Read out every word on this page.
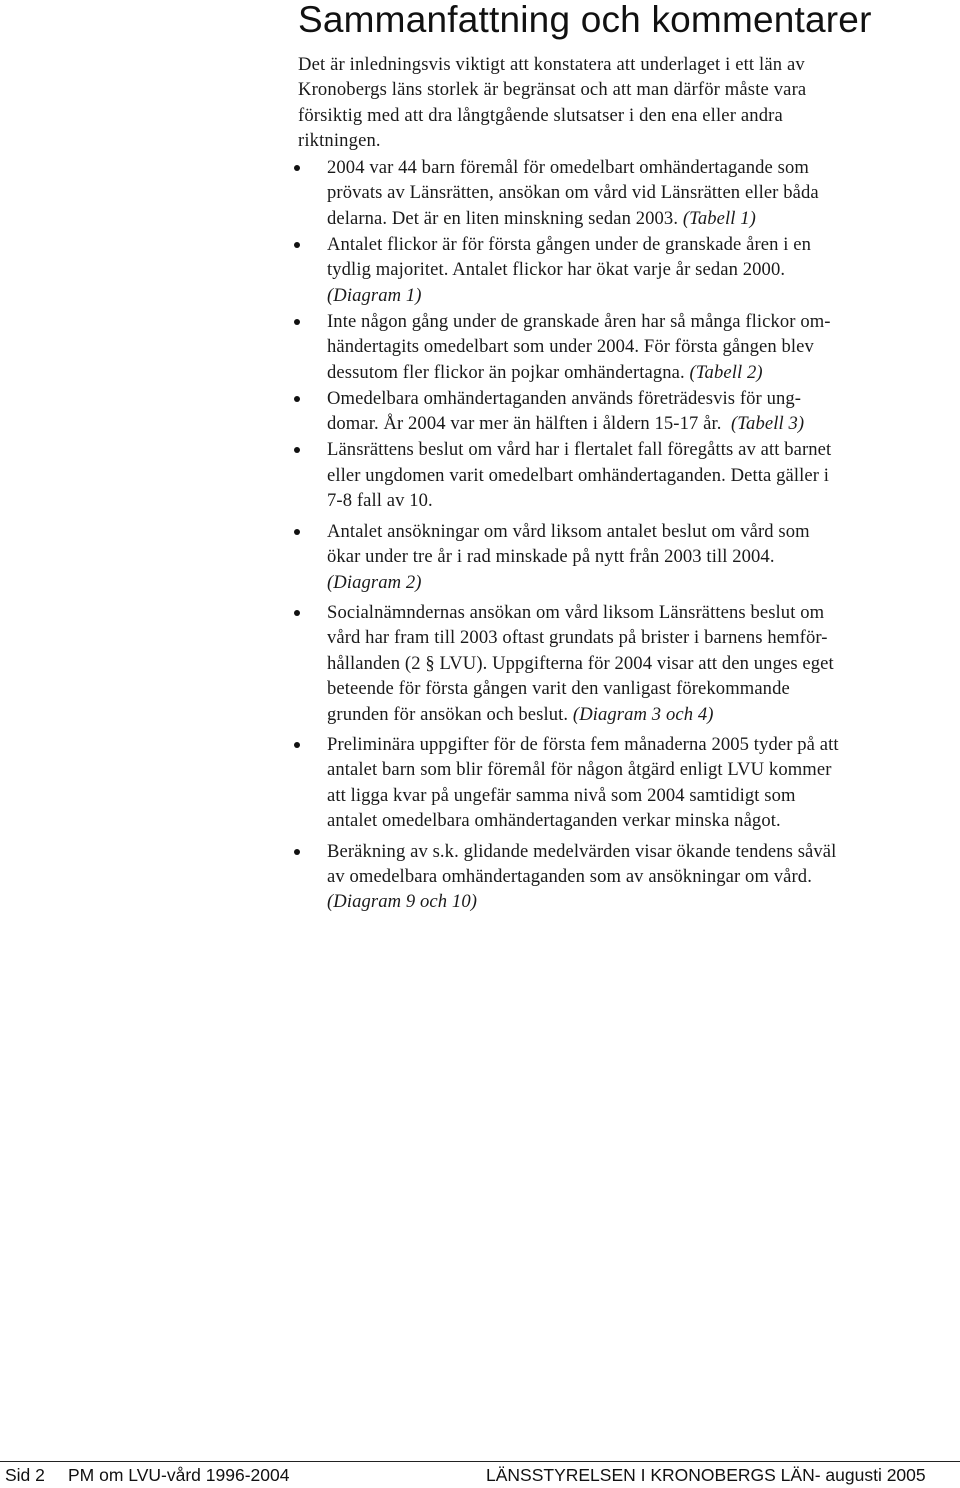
Sammanfattning och kommentarer

Det är inledningsvis viktigt att konstatera att underlaget i ett län av
Kronobergs läns storlek är begränsat och att man därför måste vara
försiktig med att dra långtgående slutsatser i den ena eller andra
riktningen.

2004 var 44 barn föremål för omedelbart omhändertagande som
prövats av Länsrätten, ansökan om vård vid Länsrätten eller båda
delarna. Det är en liten minskning sedan 2003. (Tabell 1)
Antalet flickor är för första gången under de granskade åren i en
tydlig majoritet. Antalet flickor har ökat varje år sedan 2000.
(Diagram 1)
Inte någon gång under de granskade åren har så många flickor om-
händertagits omedelbart som under 2004. För första gången blev
dessutom fler flickor än pojkar omhändertagna. (Tabell 2)
Omedelbara omhändertaganden används företrädesvis för ung-
domar. År 2004 var mer än hälften i åldern 15-17 år. (Tabell 3)
Länsrättens beslut om vård har i flertalet fall föregåtts av att barnet
eller ungdomen varit omedelbart omhändertaganden. Detta gäller i
7-8 fall av 10.
Antalet ansökningar om vård liksom antalet beslut om vård som
ökar under tre år i rad minskade på nytt från 2003 till 2004.
(Diagram 2)
Socialnämndernas ansökan om vård liksom Länsrättens beslut om
vård har fram till 2003 oftast grundats på brister i barnens hemför-
hållanden (2 § LVU). Uppgifterna för 2004 visar att den unges eget
beteende för första gången varit den vanligast förekommande
grunden för ansökan och beslut. (Diagram 3 och 4)
Preliminära uppgifter för de första fem månaderna 2005 tyder på att
antalet barn som blir föremål för någon åtgärd enligt LVU kommer
att ligga kvar på ungefär samma nivå som 2004 samtidigt som
antalet omedelbara omhändertaganden verkar minska något.
Beräkning av s.k. glidande medelvärden visar ökande tendens såväl
av omedelbara omhändertaganden som av ansökningar om vård.
(Diagram 9 och 10)
Sid 2 PM om LVU-vård 1996-2004	LÄNSSTYRELSEN I KRONOBERGS LÄN- augusti 2005
